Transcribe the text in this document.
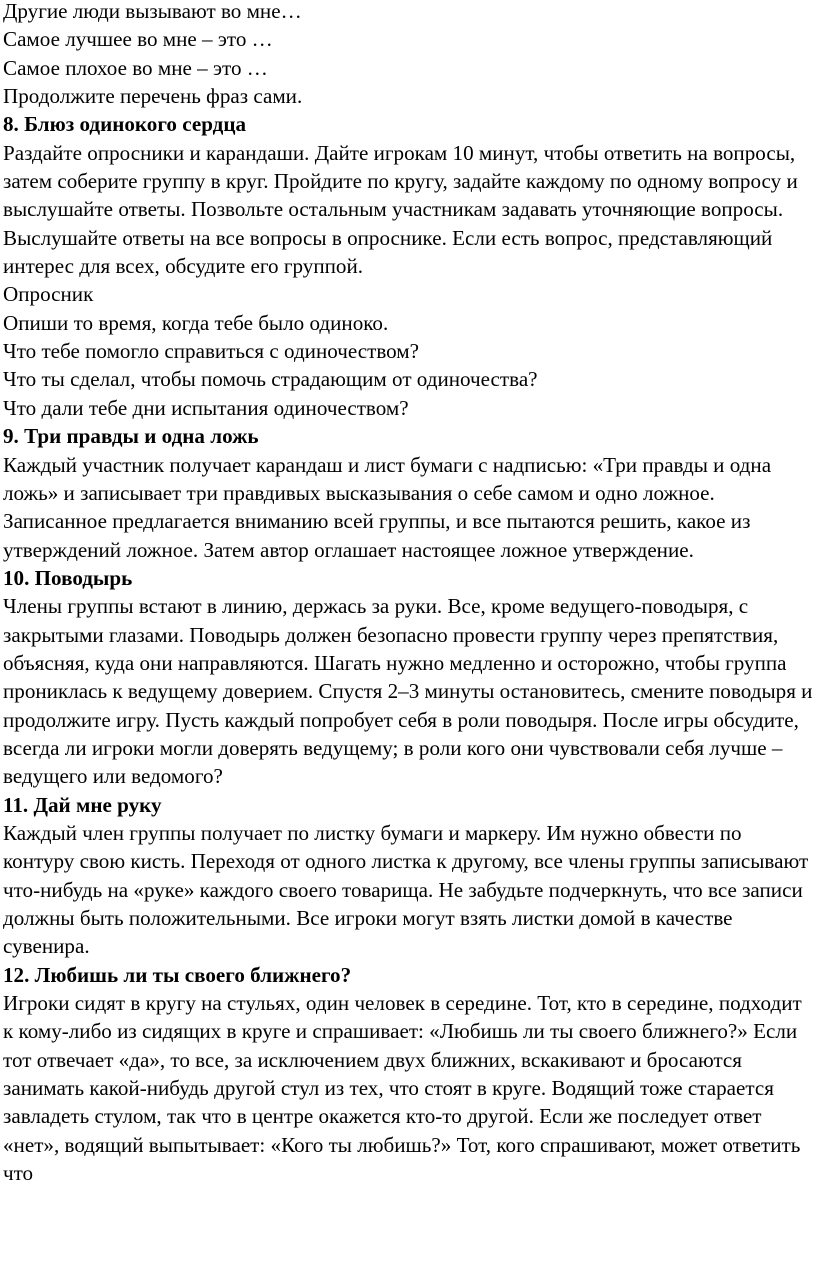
Другие люди вызывают во мне…

Самое лучшее во мне – это …

Самое плохое во мне – это …

Продолжите перечень фраз сами.

8. Блюз одинокого сердца

Раздайте опросники и карандаши. Дайте игрокам 10 минут, чтобы ответить на вопросы, затем соберите группу в круг. Пройдите по кругу, задайте каждому по одному вопросу и выслушайте ответы. Позвольте остальным участникам задавать уточняющие вопросы. Выслушайте ответы на все вопросы в опроснике. Если есть вопрос, представляющий интерес для всех, обсудите его группой.

Опросник

Опиши то время, когда тебе было одиноко.

Что тебе помогло справиться с одиночеством?

Что ты сделал, чтобы помочь страдающим от одиночества?

Что дали тебе дни испытания одиночеством?

9. Три правды и одна ложь

Каждый участник получает карандаш и лист бумаги с надписью: «Три правды и одна ложь» и записывает три правдивых высказывания о себе самом и одно ложное. Записанное предлагается вниманию всей группы, и все пытаются решить, какое из утверждений ложное. Затем автор оглашает настоящее ложное утверждение.

10. Поводырь

Члены группы встают в линию, держась за руки. Все, кроме ведущего-поводыря, с закрытыми глазами. Поводырь должен безопасно провести группу через препятствия, объясняя, куда они направляются. Шагать нужно медленно и осторожно, чтобы группа прониклась к ведущему доверием. Спустя 2–3 минуты остановитесь, смените поводыря и продолжите игру. Пусть каждый попробует себя в роли поводыря. После игры обсудите, всегда ли игроки могли доверять ведущему; в роли кого они чувствовали себя лучше – ведущего или ведомого?

11. Дай мне руку

Каждый член группы получает по листку бумаги и маркеру. Им нужно обвести по контуру свою кисть. Переходя от одного листка к другому, все члены группы записывают что-нибудь на «руке» каждого своего товарища. Не забудьте подчеркнуть, что все записи должны быть положительными. Все игроки могут взять листки домой в качестве сувенира.

12. Любишь ли ты своего ближнего?

Игроки сидят в кругу на стульях, один человек в середине. Тот, кто в середине, подходит к кому-либо из сидящих в круге и спрашивает: «Любишь ли ты своего ближнего?» Если тот отвечает «да», то все, за исключением двух ближних, вскакивают и бросаются занимать какой-нибудь другой стул из тех, что стоят в круге. Водящий тоже старается завладеть стулом, так что в центре окажется кто-то другой. Если же последует ответ «нет», водящий выпытывает: «Кого ты любишь?» Тот, кого спрашивают, может ответить что
